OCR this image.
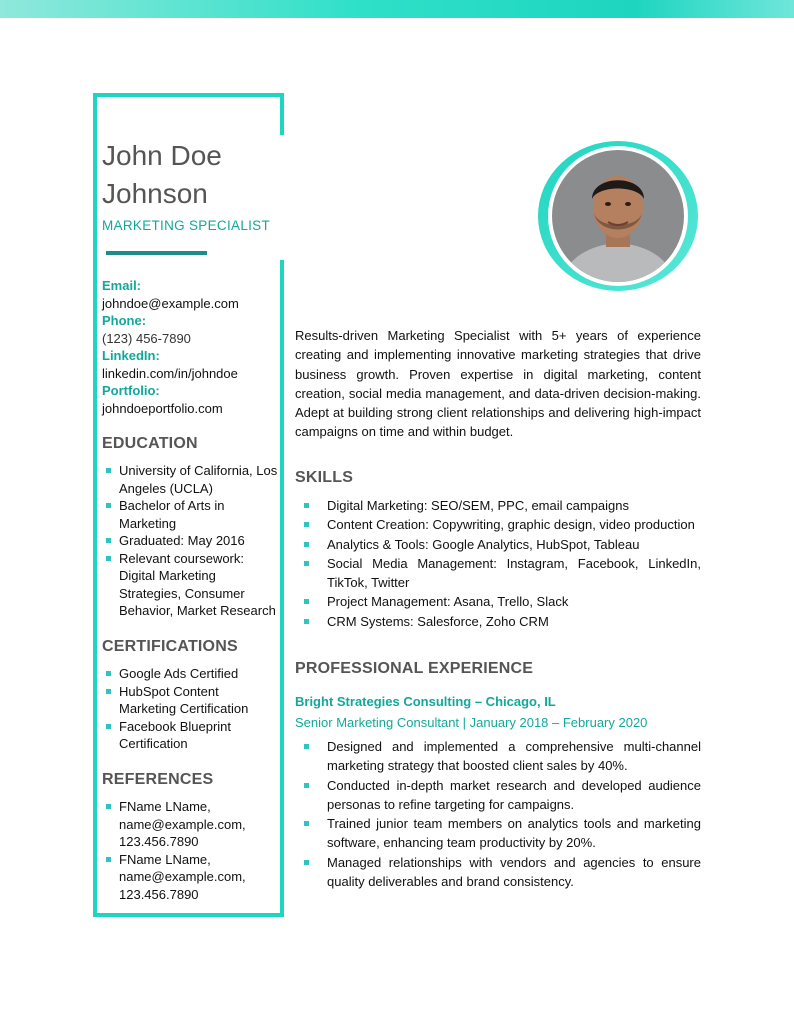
John Doe
Johnson
MARKETING SPECIALIST
Email:
johndoe@example.com
Phone:
(123) 456-7890
LinkedIn:
linkedin.com/in/johndoe
Portfolio:
johndoeportfolio.com
EDUCATION
University of California, Los Angeles (UCLA)
Bachelor of Arts in Marketing
Graduated: May 2016
Relevant coursework: Digital Marketing Strategies, Consumer Behavior, Market Research
CERTIFICATIONS
Google Ads Certified
HubSpot Content Marketing Certification
Facebook Blueprint Certification
REFERENCES
FName LName, name@example.com, 123.456.7890
FName LName, name@example.com, 123.456.7890
Results-driven Marketing Specialist with 5+ years of experience creating and implementing innovative marketing strategies that drive business growth. Proven expertise in digital marketing, content creation, social media management, and data-driven decision-making. Adept at building strong client relationships and delivering high-impact campaigns on time and within budget.
SKILLS
Digital Marketing: SEO/SEM, PPC, email campaigns
Content Creation: Copywriting, graphic design, video production
Analytics & Tools: Google Analytics, HubSpot, Tableau
Social Media Management: Instagram, Facebook, LinkedIn, TikTok, Twitter
Project Management: Asana, Trello, Slack
CRM Systems: Salesforce, Zoho CRM
PROFESSIONAL EXPERIENCE
Bright Strategies Consulting – Chicago, IL
Senior Marketing Consultant | January 2018 – February 2020
Designed and implemented a comprehensive multi-channel marketing strategy that boosted client sales by 40%.
Conducted in-depth market research and developed audience personas to refine targeting for campaigns.
Trained junior team members on analytics tools and marketing software, enhancing team productivity by 20%.
Managed relationships with vendors and agencies to ensure quality deliverables and brand consistency.
